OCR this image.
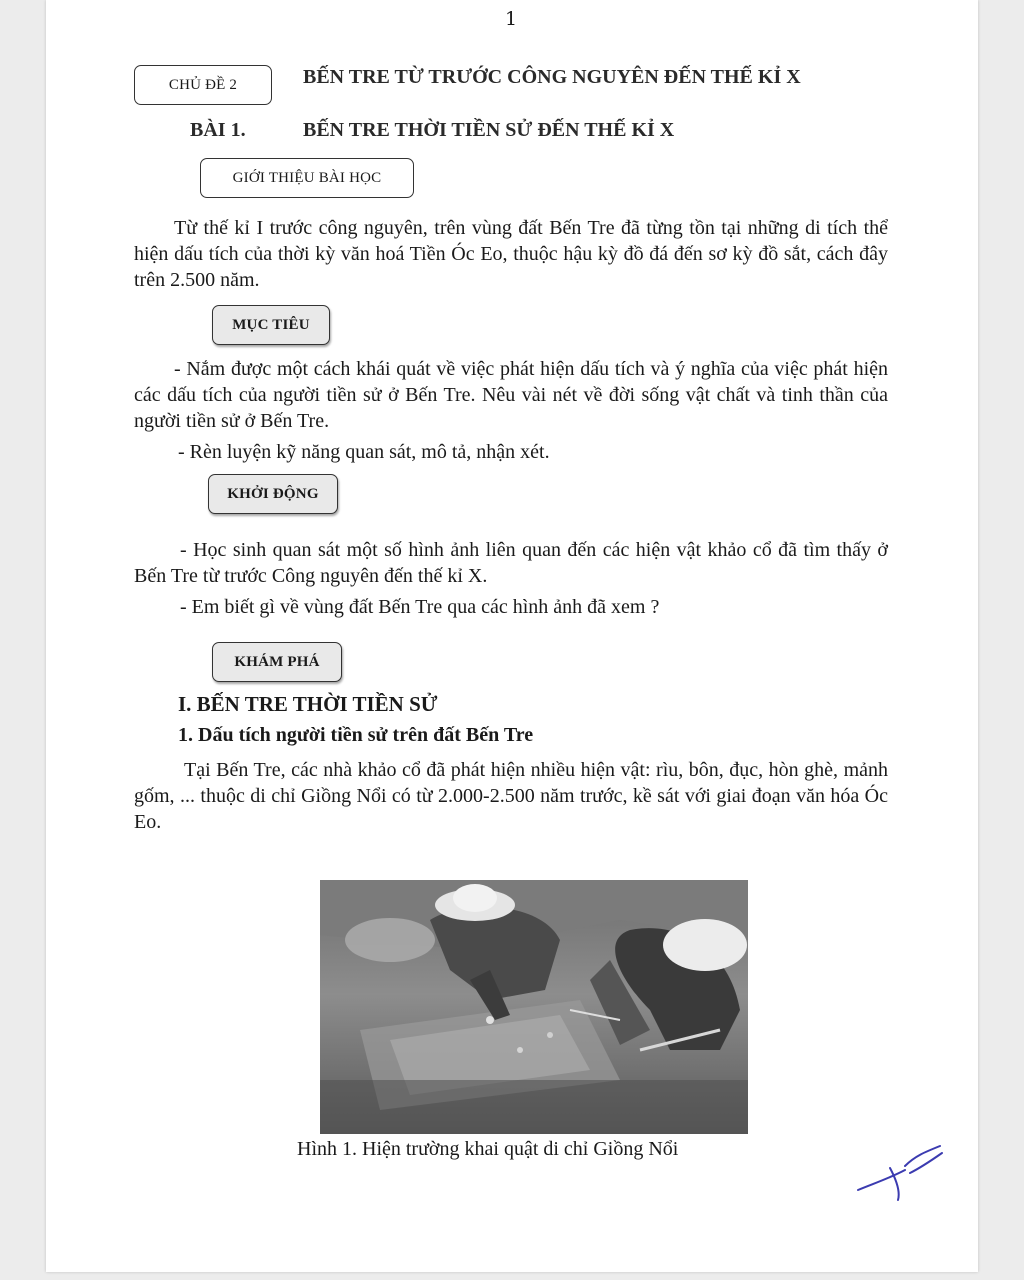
1
CHỦ ĐỀ 2	BẾN TRE TỪ TRƯỚC CÔNG NGUYÊN ĐẾN THẾ KỈ X
BÀI 1.	BẾN TRE THỜI TIỀN SỬ ĐẾN THẾ KỈ X
GIỚI THIỆU BÀI HỌC
Từ thế kỉ I trước công nguyên, trên vùng đất Bến Tre đã từng tồn tại những di tích thể hiện dấu tích của thời kỳ văn hoá Tiền Óc Eo, thuộc hậu kỳ đồ đá đến sơ kỳ đồ sắt, cách đây trên 2.500 năm.
MỤC TIÊU
- Nắm được một cách khái quát về việc phát hiện dấu tích và ý nghĩa của việc phát hiện các dấu tích của người tiền sử ở Bến Tre. Nêu vài nét về đời sống vật chất và tinh thần của người tiền sử ở Bến Tre.
- Rèn luyện kỹ năng quan sát, mô tả, nhận xét.
KHỞI ĐỘNG
- Học sinh quan sát một số hình ảnh liên quan đến các hiện vật khảo cổ đã tìm thấy ở Bến Tre từ trước Công nguyên đến thế kỉ X.
- Em biết gì về vùng đất Bến Tre qua các hình ảnh đã xem ?
KHÁM PHÁ
I. BẾN TRE THỜI TIỀN SỬ
1. Dấu tích người tiền sử trên đất Bến Tre
Tại Bến Tre, các nhà khảo cổ đã phát hiện nhiều hiện vật: rìu, bôn, đục, hòn ghè, mảnh gốm, ... thuộc di chỉ Giồng Nổi có từ 2.000-2.500 năm trước, kề sát với giai đoạn văn hóa Óc Eo.
Hình 1. Hiện trường khai quật di chỉ Giồng Nổi
